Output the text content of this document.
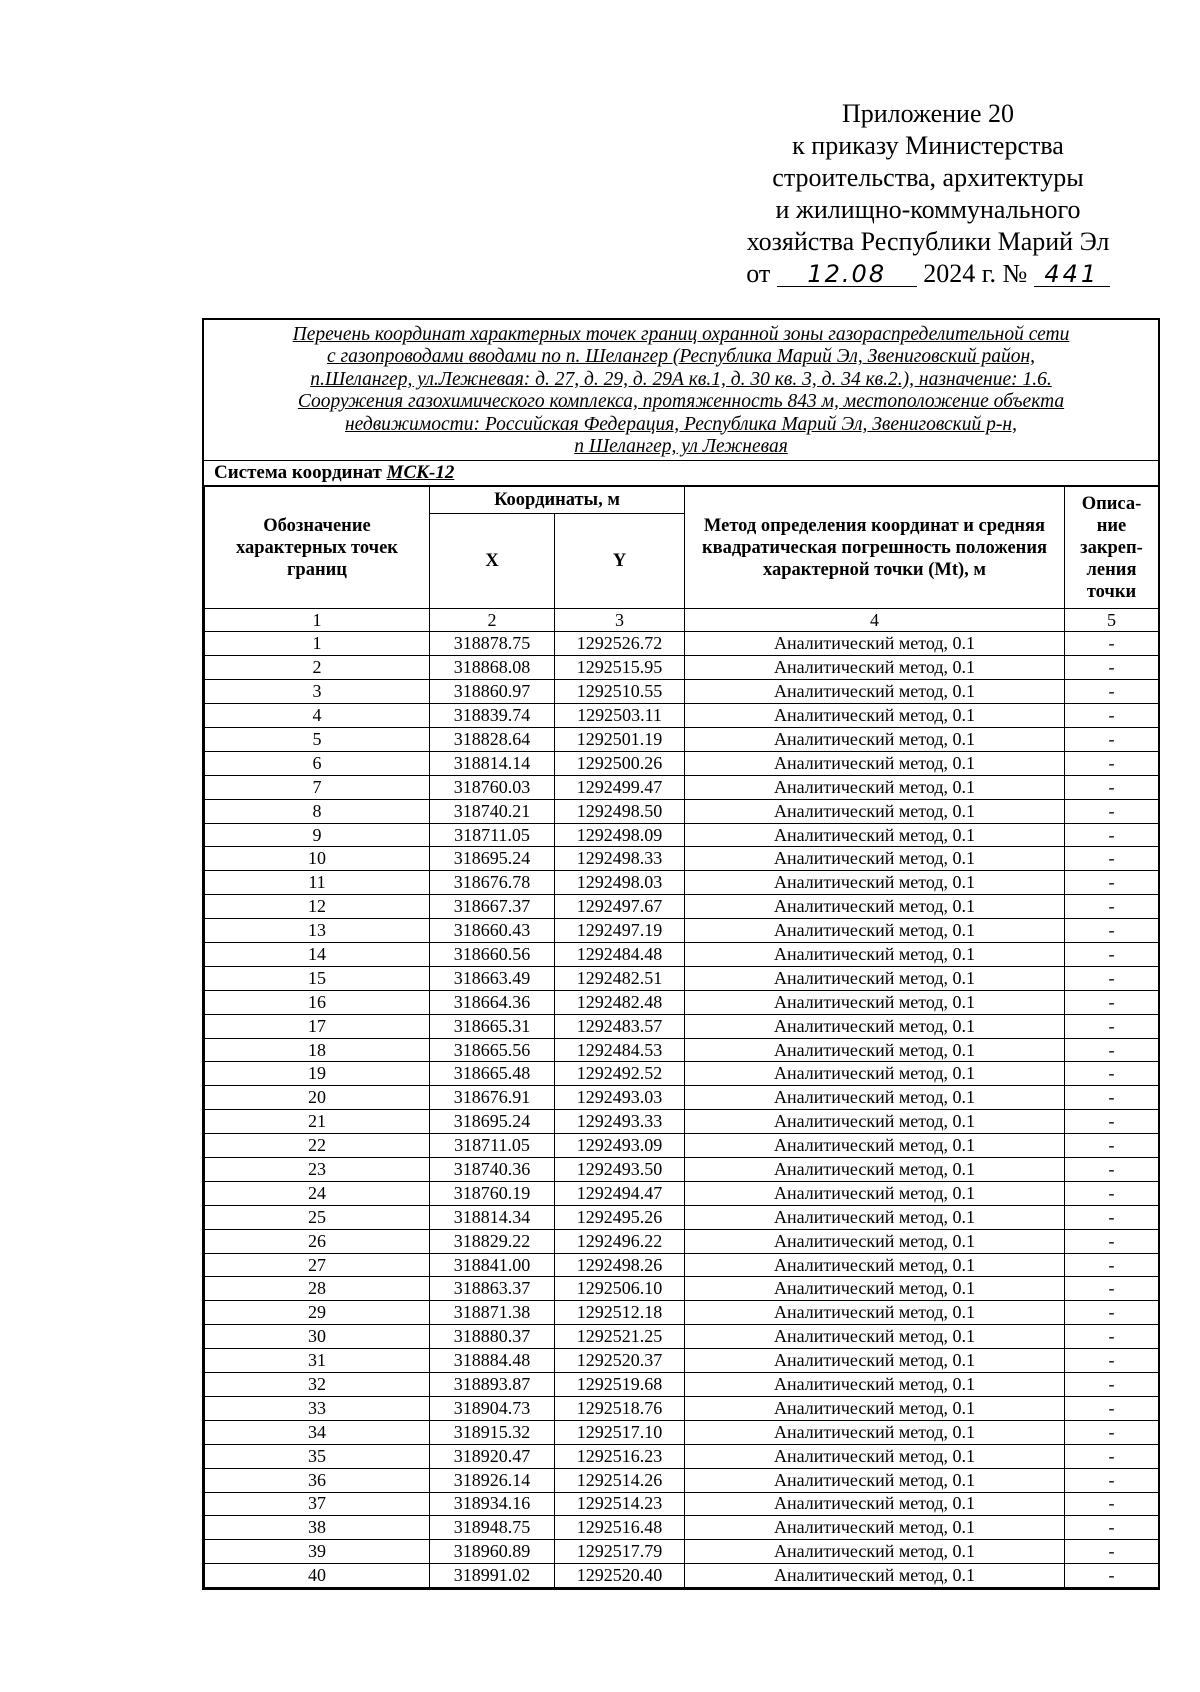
Приложение 20
к приказу Министерства
строительства, архитектуры
и жилищно-коммунального
хозяйства Республики Марий Эл
от 12.08 2024 г. № 441
Перечень координат характерных точек границ охранной зоны газораспределительной сети
с газопроводами вводами по п. Шелангер (Республика Марий Эл, Звениговский район,
п.Шелангер, ул.Лежневая: д. 27, д. 29, д. 29А кв.1, д. 30 кв. 3, д. 34 кв.2.), назначение: 1.6.
Сооружения газохимического комплекса, протяженность 843 м, местоположение объекта
недвижимости: Российская Федерация, Республика Марий Эл, Звениговский р-н,
п Шелангер, ул Лежневая
Система координат МСК-12
Обозначение характерных точек границ	Координаты, м		Метод определения координат и средняя квадратическая погрешность положения характерной точки (Mt), м	Описа-ние закреп-ления точки
	X	Y		
1	2	3	4	5
1	318878.75	1292526.72	Аналитический метод, 0.1	-
2	318868.08	1292515.95	Аналитический метод, 0.1	-
3	318860.97	1292510.55	Аналитический метод, 0.1	-
4	318839.74	1292503.11	Аналитический метод, 0.1	-
5	318828.64	1292501.19	Аналитический метод, 0.1	-
6	318814.14	1292500.26	Аналитический метод, 0.1	-
7	318760.03	1292499.47	Аналитический метод, 0.1	-
8	318740.21	1292498.50	Аналитический метод, 0.1	-
9	318711.05	1292498.09	Аналитический метод, 0.1	-
10	318695.24	1292498.33	Аналитический метод, 0.1	-
11	318676.78	1292498.03	Аналитический метод, 0.1	-
12	318667.37	1292497.67	Аналитический метод, 0.1	-
13	318660.43	1292497.19	Аналитический метод, 0.1	-
14	318660.56	1292484.48	Аналитический метод, 0.1	-
15	318663.49	1292482.51	Аналитический метод, 0.1	-
16	318664.36	1292482.48	Аналитический метод, 0.1	-
17	318665.31	1292483.57	Аналитический метод, 0.1	-
18	318665.56	1292484.53	Аналитический метод, 0.1	-
19	318665.48	1292492.52	Аналитический метод, 0.1	-
20	318676.91	1292493.03	Аналитический метод, 0.1	-
21	318695.24	1292493.33	Аналитический метод, 0.1	-
22	318711.05	1292493.09	Аналитический метод, 0.1	-
23	318740.36	1292493.50	Аналитический метод, 0.1	-
24	318760.19	1292494.47	Аналитический метод, 0.1	-
25	318814.34	1292495.26	Аналитический метод, 0.1	-
26	318829.22	1292496.22	Аналитический метод, 0.1	-
27	318841.00	1292498.26	Аналитический метод, 0.1	-
28	318863.37	1292506.10	Аналитический метод, 0.1	-
29	318871.38	1292512.18	Аналитический метод, 0.1	-
30	318880.37	1292521.25	Аналитический метод, 0.1	-
31	318884.48	1292520.37	Аналитический метод, 0.1	-
32	318893.87	1292519.68	Аналитический метод, 0.1	-
33	318904.73	1292518.76	Аналитический метод, 0.1	-
34	318915.32	1292517.10	Аналитический метод, 0.1	-
35	318920.47	1292516.23	Аналитический метод, 0.1	-
36	318926.14	1292514.26	Аналитический метод, 0.1	-
37	318934.16	1292514.23	Аналитический метод, 0.1	-
38	318948.75	1292516.48	Аналитический метод, 0.1	-
39	318960.89	1292517.79	Аналитический метод, 0.1	-
40	318991.02	1292520.40	Аналитический метод, 0.1	-
